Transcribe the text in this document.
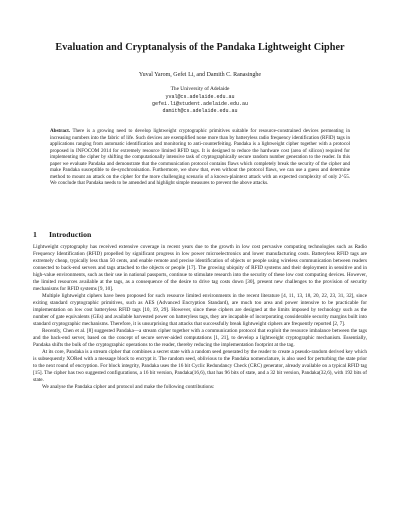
Evaluation and Cryptanalysis of the Pandaka Lightweight Cipher
Yuval Yarom, Gefei Li, and Damith C. Ranasinghe
The University of Adelaide
yval@cs.adelaide.edu.au
gefei.li@student.adelaide.edu.au
damith@cs.adelaide.edu.au
Abstract. There is a growing need to develop lightweight cryptographic primitives suitable for resource-constrained devices permeating in increasing numbers into the fabric of life. Such devices are exemplified none more than by batteryless radio frequency identification (RFID) tags in applications ranging from automatic identification and monitoring to anti-counterfeiting. Pandaka is a lightweight cipher together with a protocol proposed in INFOCOM 2014 for extremely resource limited RFID tags. It is designed to reduce the hardware cost (area of silicon) required for implementing the cipher by shifting the computationally intensive task of cryptographically secure random number generation to the reader. In this paper we evaluate Pandaka and demonstrate that the communication protocol contains flaws which completely break the security of the cipher and make Pandaka susceptible to de-synchronisation. Furthermore, we show that, even without the protocol flaws, we can use a guess and determine method to mount an attack on the cipher for the more challenging scenario of a known-plaintext attack with an expected complexity of only 2^55. We conclude that Pandaka needs to be amended and highlight simple measures to prevent the above attacks.
1 Introduction

Lightweight cryptography has received extensive coverage in recent years due to the growth in low cost pervasive computing technologies such as Radio Frequency Identification (RFID) propelled by significant progress in low power microelectronics and lower manufacturing costs. Batteryless RFID tags are extremely cheap, typically less than 50 cents, and enable remote and precise identification of objects or people using wireless communication between readers connected to back-end servers and tags attached to the objects or people [17]. The growing ubiquity of RFID systems and their deployment in sensitive and in high-value environments, such as their use in national passports, continue to stimulate research into the security of these low cost computing devices. However, the limited resources available at the tags, as a consequence of the desire to drive tag costs down [30], present new challenges to the provision of security mechanisms for RFID systems [9, 10].

Multiple lightweight ciphers have been proposed for such resource limited environments in the recent literature [4, 11, 13, 18, 20, 22, 23, 31, 32], since exiting standard cryptographic primitives, such as AES (Advanced Encryption Standard), are much too area and power intensive to be practicable for implementation on low cost batteryless RFID tags [10, 19, 29]. However, since these ciphers are designed at the limits imposed by technology such as the number of gate equivalents (GEs) and available harvested power on batteryless tags, they are incapable of incorporating considerable security margins built into standard cryptographic mechanisms. Therefore, it is unsurprising that attacks that successfully break lightweight ciphers are frequently reported [2, 7].

Recently, Chen et al. [8] suggested Pandaka—a stream cipher together with a communication protocol that exploit the resource imbalance between the tags and the back-end server, based on the concept of secure server-aided computations [1, 21], to develop a lightweight cryptographic mechanism. Essentially, Pandaka shifts the bulk of the cryptographic operations to the reader, thereby reducing the implementation footprint at the tag.

At its core, Pandaka is a stream cipher that combines a secret state with a random seed generated by the reader to create a pseudo-random derived key which is subsequently XORed with a message block to encrypt it. The random seed, oblivious to the Pandaka nomenclature, is also used for perturbing the state prior to the next round of encryption. For block integrity, Pandaka uses the 16 bit Cyclic Redundancy Check (CRC) generator, already available on a typical RFID tag [15]. The cipher has two suggested configurations, a 16 bit version, Pandaka(16,6), that has 96 bits of state, and a 32 bit version, Pandaka(32,6), with 192 bits of state.

We analyse the Pandaka cipher and protocol and make the following contributions:
